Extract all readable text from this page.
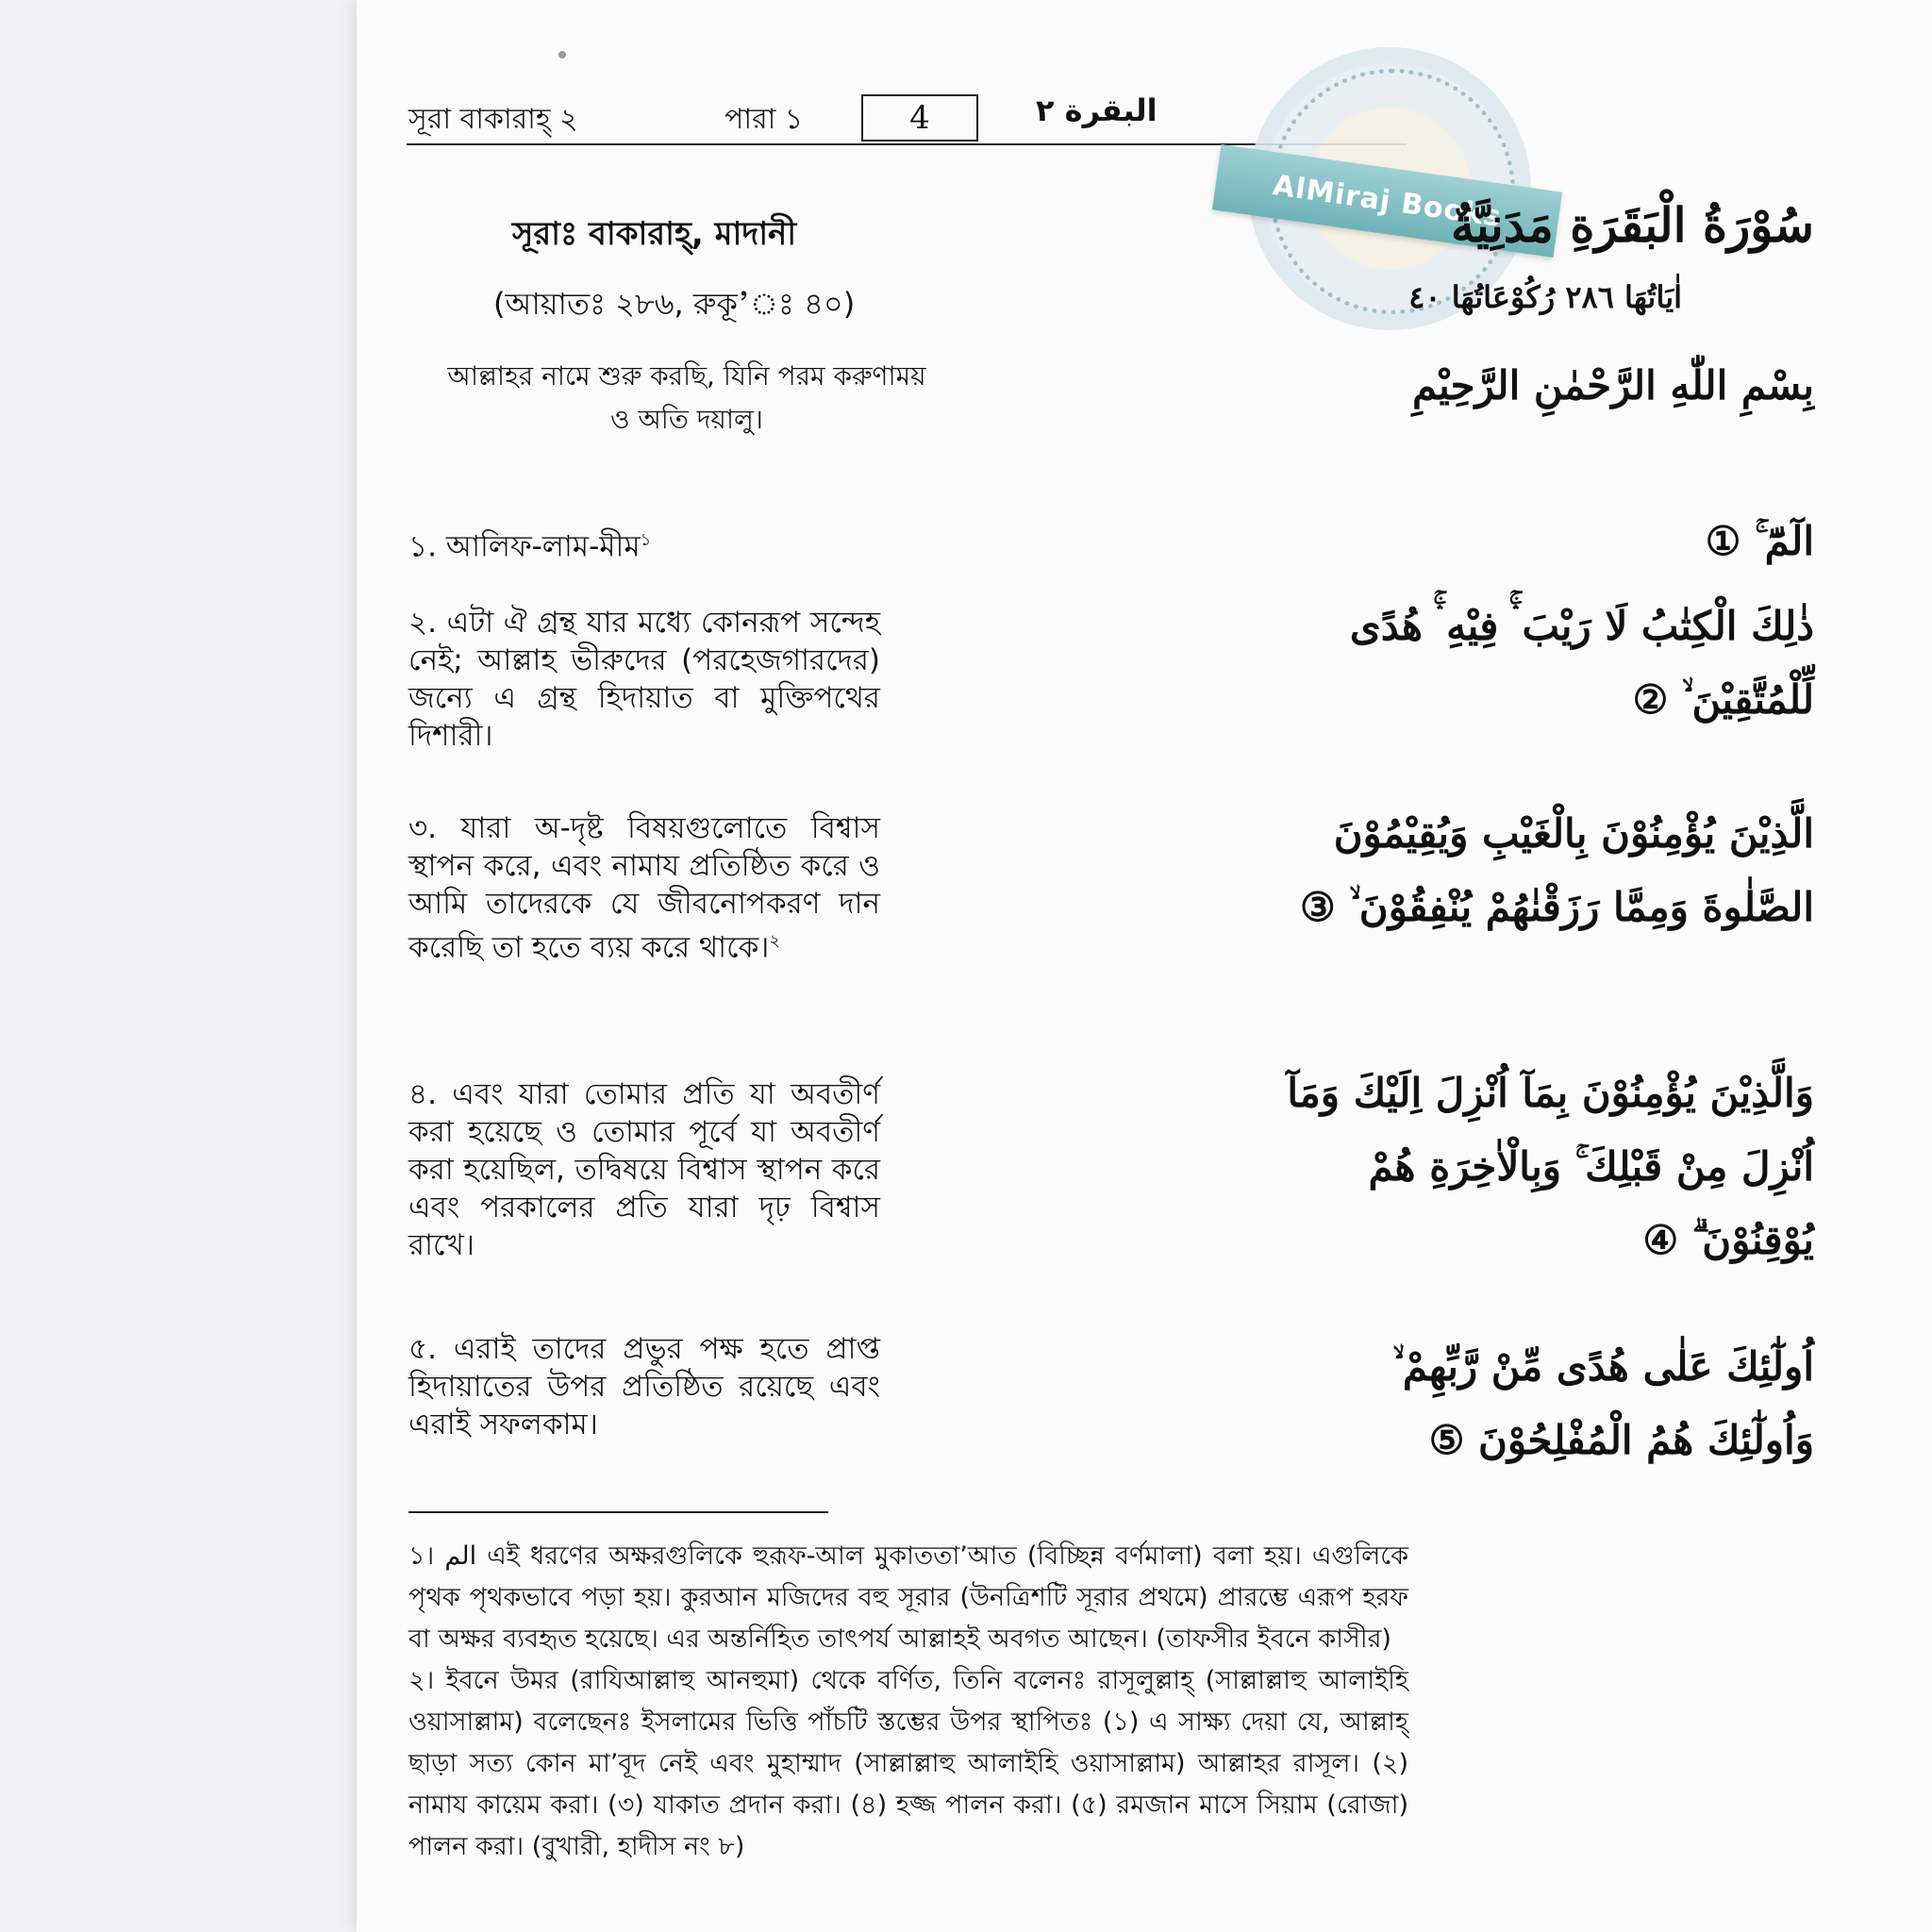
সূরা বাকারাহ্‌ ২	পারা ১	4	البقرة ٢
AlMiraj Books
সূরাঃ বাকারাহ্‌, মাদানী
(আয়াতঃ ২৮৬, রুকূ’ঃ ৪০)
আল্লাহর নামে শুরু করছি, যিনি পরম করুণাময় ও অতি দয়ালু।
سُوْرَةُ الْبَقَرَةِ مَدَنِيَّةٌ
اٰيَاتُهَا ٢٨٦ رُكُوْعَاتُهَا ٤٠
بِسْمِ اللّٰهِ الرَّحْمٰنِ الرَّحِيْمِ
১. আলিফ-লাম-মীম$^১$
২. এটা ঐ গ্রন্থ যার মধ্যে কোনরূপ সন্দেহ নেই; আল্লাহ ভীরুদের (পরহেজগারদের) জন্যে এ গ্রন্থ হিদায়াত বা মুক্তিপথের দিশারী।
৩. যারা অ-দৃষ্ট বিষয়গুলোতে বিশ্বাস স্থাপন করে, এবং নামায প্রতিষ্ঠিত করে ও আমি তাদেরকে যে জীবনোপকরণ দান করেছি তা হতে ব্যয় করে থাকে।$^২$
৪. এবং যারা তোমার প্রতি যা অবতীর্ণ করা হয়েছে ও তোমার পূর্বে যা অবতীর্ণ করা হয়েছিল, তদ্বিষয়ে বিশ্বাস স্থাপন করে এবং পরকালের প্রতি যারা দৃঢ় বিশ্বাস রাখে।
৫. এরাই তাদের প্রভুর পক্ষ হতে প্রাপ্ত হিদায়াতের উপর প্রতিষ্ঠিত রয়েছে এবং এরাই সফলকাম।
الٓمّٓ ۚ ①
ذٰلِكَ الْكِتٰبُ لَا رَيْبَ ۛۚ فِيْهِ ۛۚ هُدًى لِّلْمُتَّقِيْنَ ۙ ②
الَّذِيْنَ يُؤْمِنُوْنَ بِالْغَيْبِ وَيُقِيْمُوْنَ الصَّلٰوةَ وَمِمَّا رَزَقْنٰهُمْ يُنْفِقُوْنَ ۙ ③
وَالَّذِيْنَ يُؤْمِنُوْنَ بِمَآ اُنْزِلَ اِلَيْكَ وَمَآ اُنْزِلَ مِنْ قَبْلِكَ ۚ وَبِالْاٰخِرَةِ هُمْ يُوْقِنُوْنَ ۗ ④
اُولٰٓئِكَ عَلٰى هُدًى مِّنْ رَّبِّهِمْ ۙ وَاُولٰٓئِكَ هُمُ الْمُفْلِحُوْنَ ⑤
১। الم এই ধরণের অক্ষরগুলিকে হুরূফ-আল মুকাততা’আত (বিচ্ছিন্ন বর্ণমালা) বলা হয়। এগুলিকে পৃথক পৃথকভাবে পড়া হয়। কুরআন মজিদের বহু সূরার (উনত্রিশটি সূরার প্রথমে) প্রারম্ভে এরূপ হরফ বা অক্ষর ব্যবহৃত হয়েছে। এর অন্তর্নিহিত তাৎপর্য আল্লাহই অবগত আছেন। (তাফসীর ইবনে কাসীর)
২। ইবনে উমর (রাযিআল্লাহু আনহুমা) থেকে বর্ণিত, তিনি বলেনঃ রাসূলুল্লাহ্‌ (সাল্লাল্লাহু আলাইহি ওয়াসাল্লাম) বলেছেনঃ ইসলামের ভিত্তি পাঁচটি স্তম্ভের উপর স্থাপিতঃ (১) এ সাক্ষ্য দেয়া যে, আল্লাহ্‌ ছাড়া সত্য কোন মা’বূদ নেই এবং মুহাম্মাদ (সাল্লাল্লাহু আলাইহি ওয়াসাল্লাম) আল্লাহর রাসূল। (২) নামায কায়েম করা। (৩) যাকাত প্রদান করা। (৪) হজ্জ পালন করা। (৫) রমজান মাসে সিয়াম (রোজা) পালন করা। (বুখারী, হাদীস নং ৮)
